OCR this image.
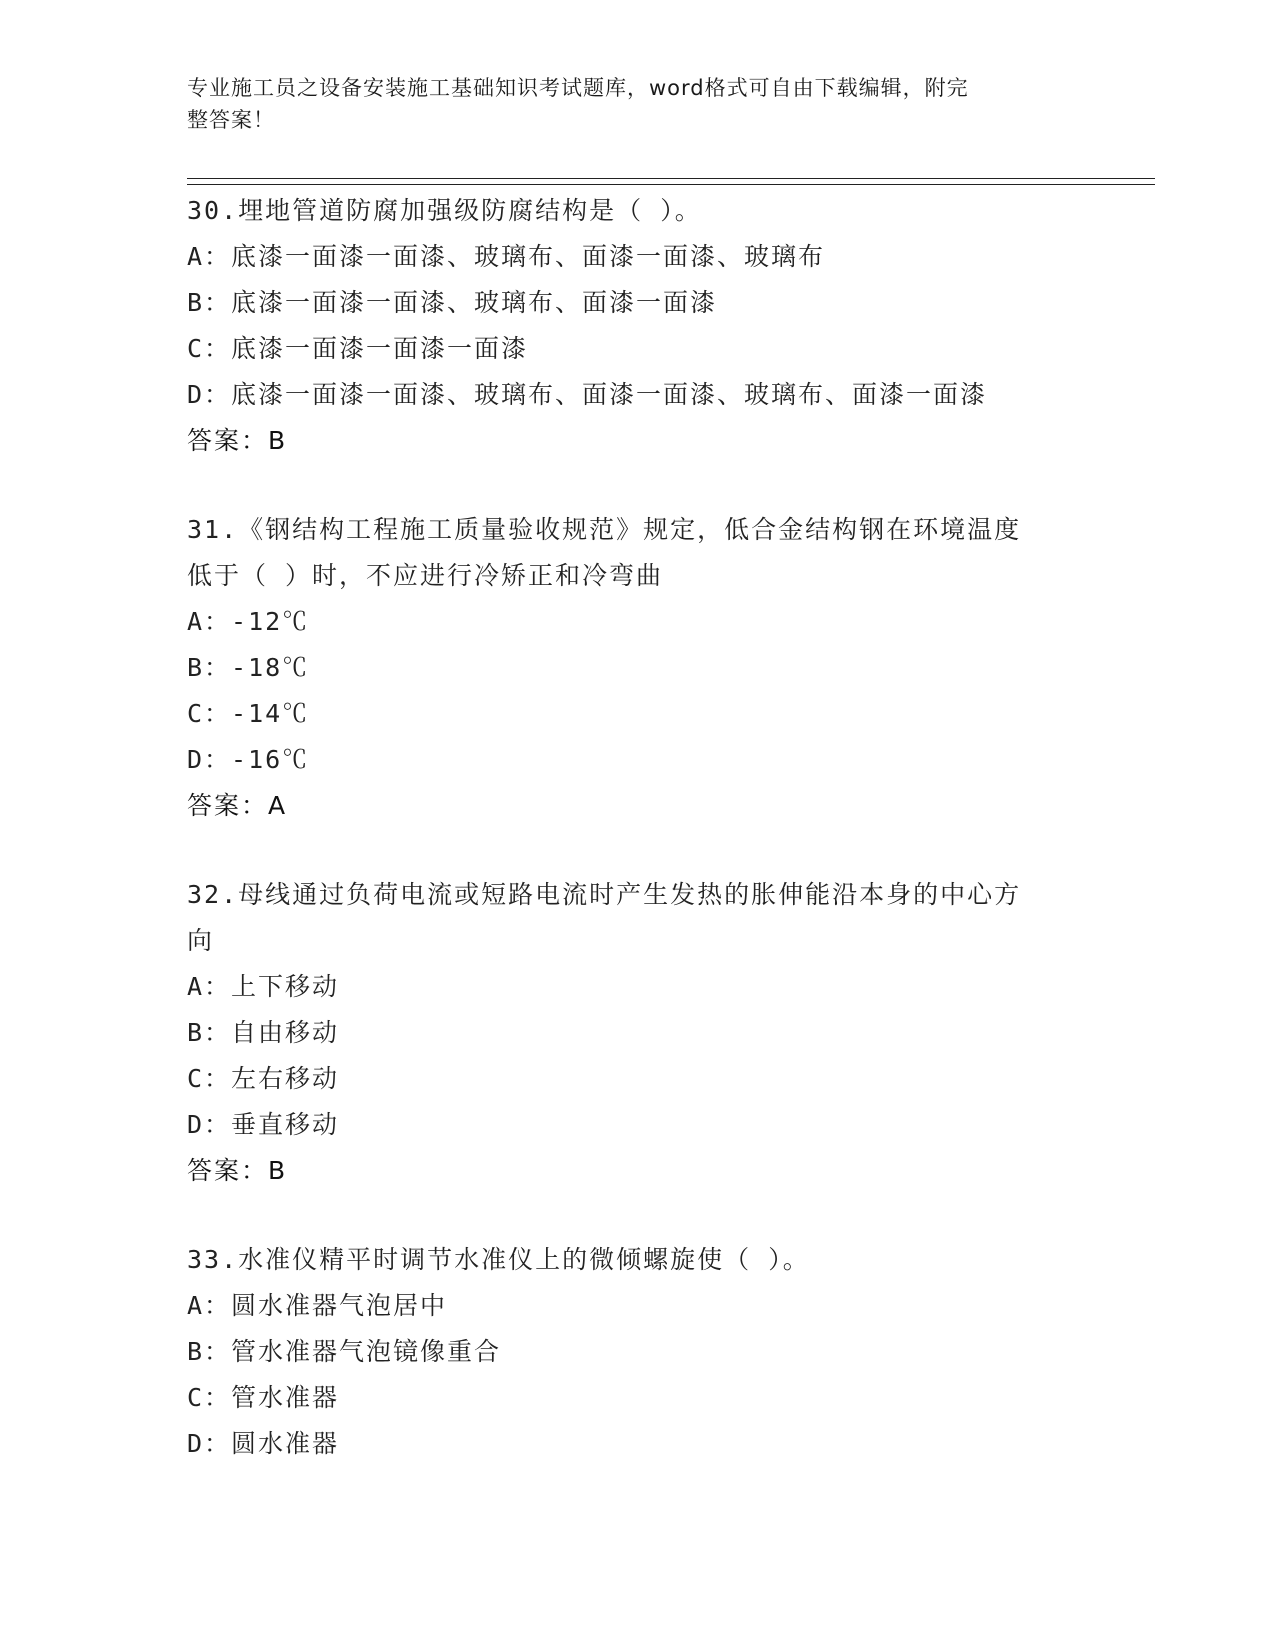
专业施工员之设备安装施工基础知识考试题库，word格式可自由下载编辑，附完
整答案！
30.埋地管道防腐加强级防腐结构是（ ）。
A：底漆一面漆一面漆、玻璃布、面漆一面漆、玻璃布
B：底漆一面漆一面漆、玻璃布、面漆一面漆
C：底漆一面漆一面漆一面漆
D：底漆一面漆一面漆、玻璃布、面漆一面漆、玻璃布、面漆一面漆
答案：B
31.《钢结构工程施工质量验收规范》规定，低合金结构钢在环境温度
低于（ ）时，不应进行冷矫正和冷弯曲
A：-12℃
B：-18℃
C：-14℃
D：-16℃
答案：A
32.母线通过负荷电流或短路电流时产生发热的胀伸能沿本身的中心方
向
A：上下移动
B：自由移动
C：左右移动
D：垂直移动
答案：B
33.水准仪精平时调节水准仪上的微倾螺旋使（ ）。
A：圆水准器气泡居中
B：管水准器气泡镜像重合
C：管水准器
D：圆水准器
